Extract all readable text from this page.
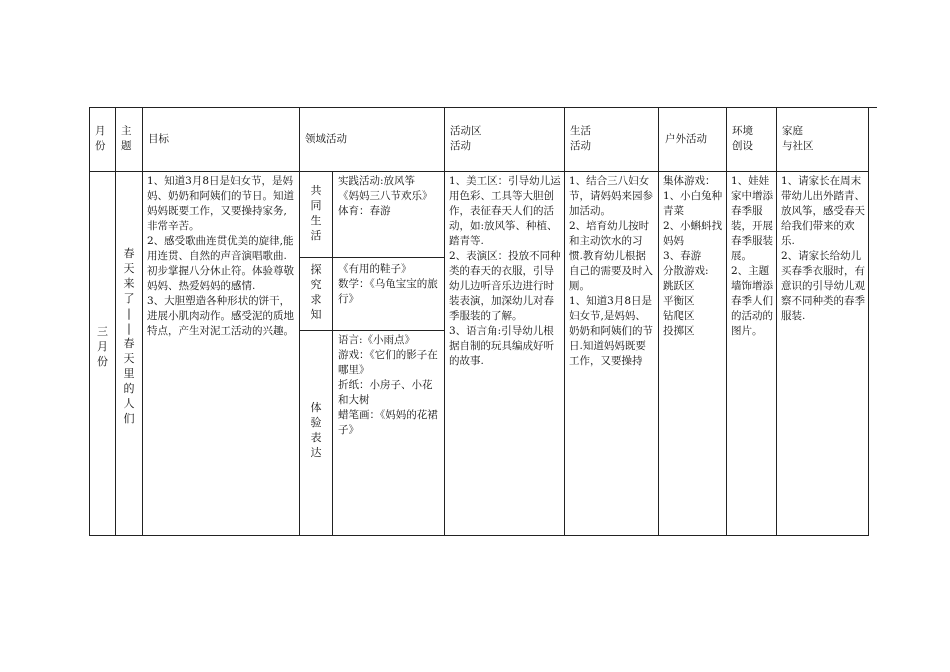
月
份
主
题
目标	领域活动
活动区
活动
生活
活动
户外活动
环境
创设
家庭
与社区
三
月
份
春
天
来
了
|
|
春
天
里
的
人
们
1、知道3月8日是妇女节，是妈妈、奶奶和阿姨们的节日。知道妈妈既要工作，又要操持家务,非常辛苦。
2、感受歌曲连贯优美的旋律,能用连贯、自然的声音演唱歌曲.初步掌握八分休止符。体验尊敬妈妈、热爱妈妈的感情.
3、大胆塑造各种形状的饼干，进展小肌肉动作。感受泥的质地特点，产生对泥工活动的兴趣。
共
同
生
活
探
究
求
知
体
验
表
达
实践活动:放风筝
《妈妈三八节欢乐》
体育：春游
《有用的鞋子》
数学：《乌龟宝宝的旅行》
语言:《小雨点》
游戏：《它们的影子在哪里》
折纸：小房子、小花和大树
蜡笔画：《妈妈的花裙子》
1、美工区：引导幼儿运用色彩、工具等大胆创作，表征春天人们的活动，如:放风筝、种植、踏青等.
2、表演区：投放不同种类的春天的衣服，引导幼儿边听音乐边进行时装表演，加深幼儿对春季服装的了解。
3、语言角:引导幼儿根据自制的玩具编成好听的故事.
1、结合三八妇女节，请妈妈来园参加活动。
2、培育幼儿按时和主动饮水的习惯.教育幼儿根据自己的需要及时入厕。
1、知道3月8日是妇女节,是妈妈、奶奶和阿姨们的节日.知道妈妈既要工作，又要操持
集体游戏：
1、小白兔种青菜
2、小蝌蚪找妈妈
3、春游
分散游戏:
跳跃区
平衡区
钻爬区
投掷区
1、娃娃家中增添春季服装，开展春季服装展。
2、主题墙饰增添春季人们的活动的图片。
1、请家长在周末带幼儿出外踏青、放风筝，感受春天给我们带来的欢乐.
2、请家长给幼儿买春季衣服时，有意识的引导幼儿观察不同种类的春季服装.
